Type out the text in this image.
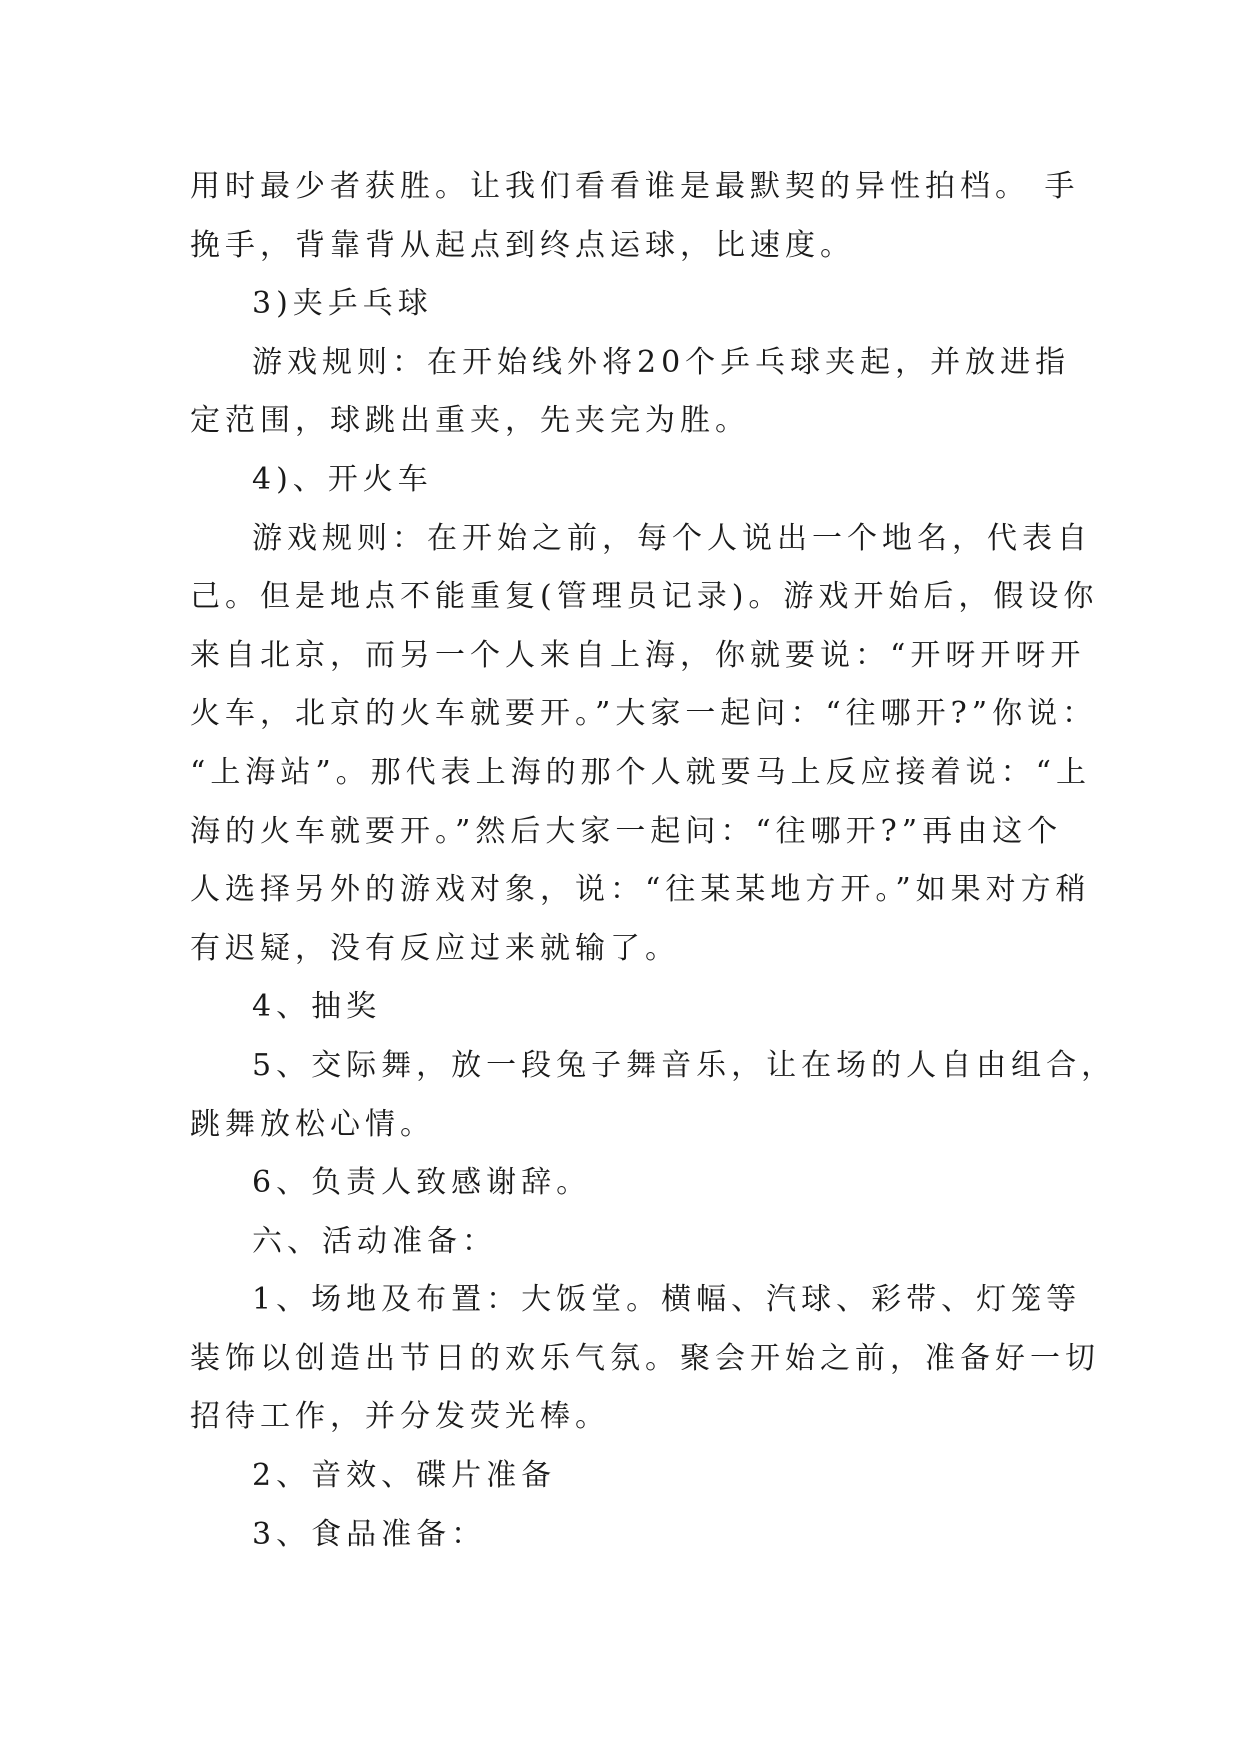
用时最少者获胜。让我们看看谁是最默契的异性拍档。 手
挽手，背靠背从起点到终点运球，比速度。
3)夹乒乓球
游戏规则：在开始线外将20个乒乓球夹起，并放进指
定范围，球跳出重夹，先夹完为胜。
4)、开火车
游戏规则：在开始之前，每个人说出一个地名，代表自
己。但是地点不能重复(管理员记录)。游戏开始后，假设你
来自北京，而另一个人来自上海，你就要说：“开呀开呀开
火车，北京的火车就要开。”大家一起问：“往哪开?”你说：
“上海站”。那代表上海的那个人就要马上反应接着说：“上
海的火车就要开。”然后大家一起问：“往哪开?”再由这个
人选择另外的游戏对象，说：“往某某地方开。”如果对方稍
有迟疑，没有反应过来就输了。
4、抽奖
5、交际舞，放一段兔子舞音乐，让在场的人自由组合，
跳舞放松心情。
6、负责人致感谢辞。
六、活动准备：
1、场地及布置：大饭堂。横幅、汽球、彩带、灯笼等
装饰以创造出节日的欢乐气氛。聚会开始之前，准备好一切
招待工作，并分发荧光棒。
2、音效、碟片准备
3、食品准备：
